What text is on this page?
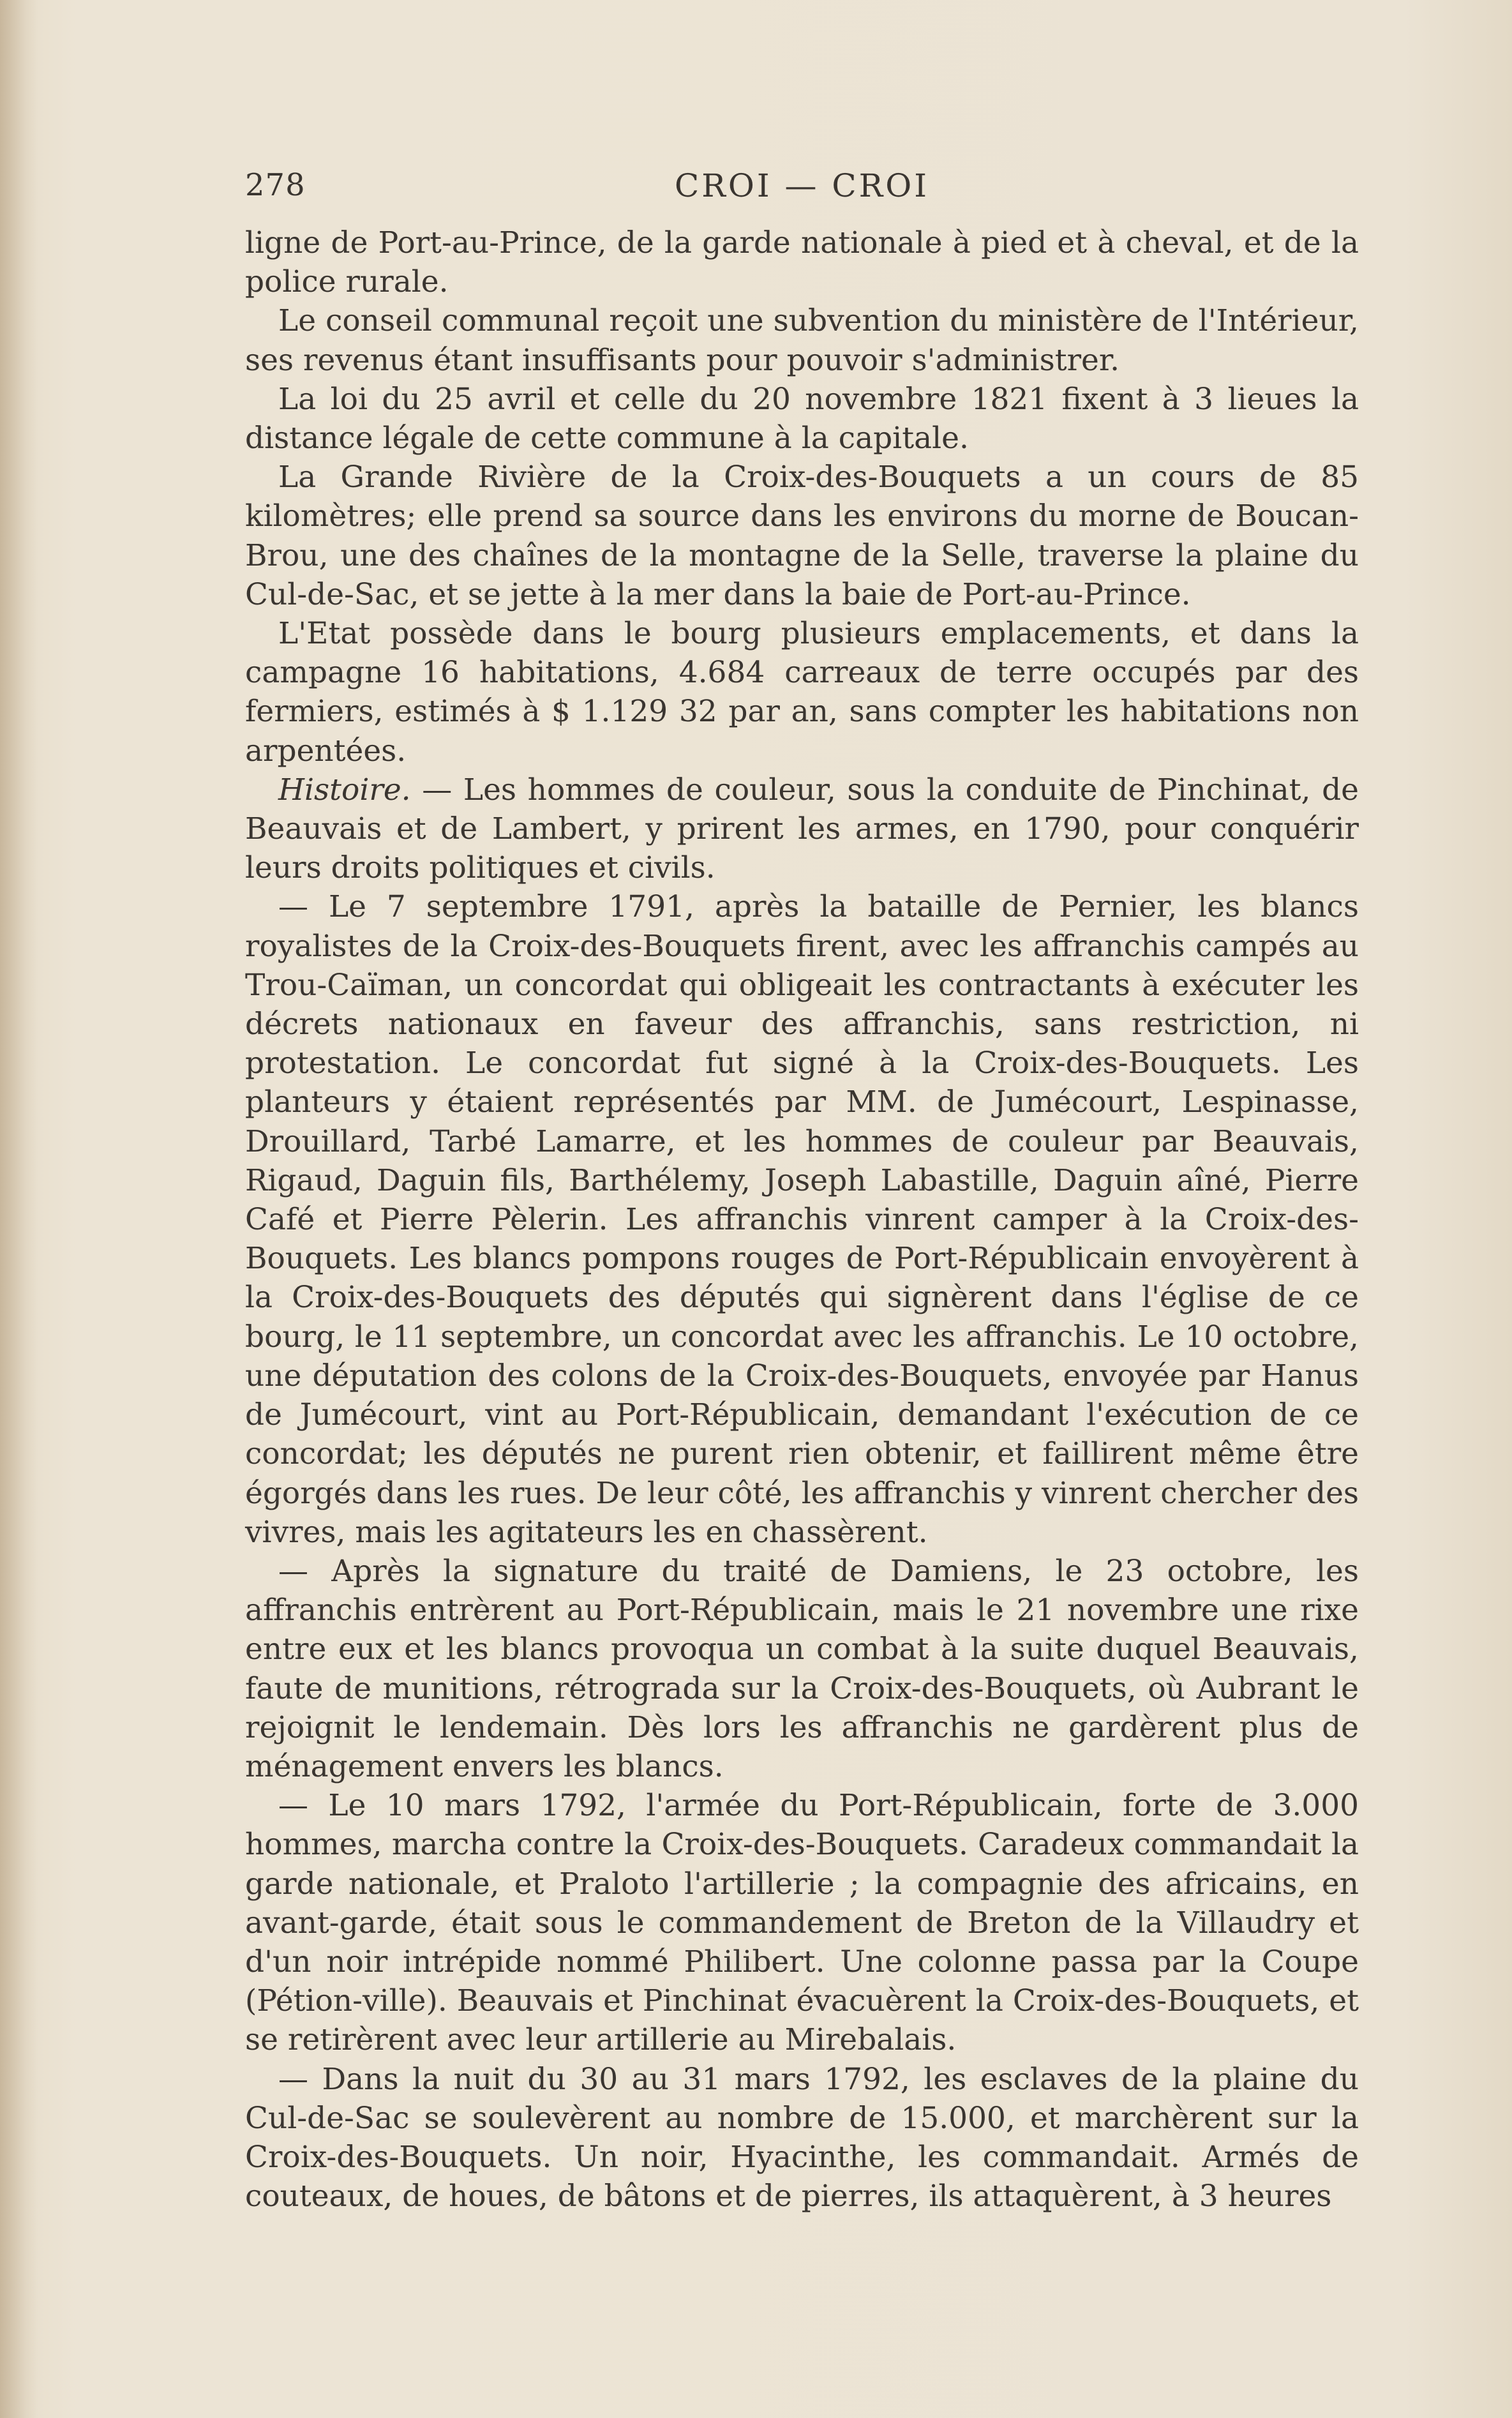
CROI — CROI
278

ligne de Port-au-Prince, de la garde nationale à pied et à cheval, et de la police rurale.

Le conseil communal reçoit une subvention du ministère de l'Intérieur, ses revenus étant insuffisants pour pouvoir s'administrer.

La loi du 25 avril et celle du 20 novembre 1821 fixent à 3 lieues la distance légale de cette commune à la capitale.

La Grande Rivière de la Croix-des-Bouquets a un cours de 85 kilomètres; elle prend sa source dans les environs du morne de Boucan-Brou, une des chaînes de la montagne de la Selle, traverse la plaine du Cul-de-Sac, et se jette à la mer dans la baie de Port-au-Prince.

L'Etat possède dans le bourg plusieurs emplacements, et dans la campagne 16 habitations, 4.684 carreaux de terre occupés par des fermiers, estimés à $ 1.129 32 par an, sans compter les habitations non arpentées.

Histoire. — Les hommes de couleur, sous la conduite de Pinchinat, de Beauvais et de Lambert, y prirent les armes, en 1790, pour conquérir leurs droits politiques et civils.

— Le 7 septembre 1791, après la bataille de Pernier, les blancs royalistes de la Croix-des-Bouquets firent, avec les affranchis campés au Trou-Caïman, un concordat qui obligeait les contractants à exécuter les décrets nationaux en faveur des affranchis, sans restriction, ni protestation. Le concordat fut signé à la Croix-des-Bouquets. Les planteurs y étaient représentés par MM. de Jumécourt, Lespinasse, Drouillard, Tarbé Lamarre, et les hommes de couleur par Beauvais, Rigaud, Daguin fils, Barthélemy, Joseph Labastille, Daguin aîné, Pierre Café et Pierre Pèlerin. Les affranchis vinrent camper à la Croix-des-Bouquets. Les blancs pompons rouges de Port-Républicain envoyèrent à la Croix-des-Bouquets des députés qui signèrent dans l'église de ce bourg, le 11 septembre, un concordat avec les affranchis. Le 10 octobre, une députation des colons de la Croix-des-Bouquets, envoyée par Hanus de Jumécourt, vint au Port-Républicain, demandant l'exécution de ce concordat; les députés ne purent rien obtenir, et faillirent même être égorgés dans les rues. De leur côté, les affranchis y vinrent chercher des vivres, mais les agitateurs les en chassèrent.

— Après la signature du traité de Damiens, le 23 octobre, les affranchis entrèrent au Port-Républicain, mais le 21 novembre une rixe entre eux et les blancs provoqua un combat à la suite duquel Beauvais, faute de munitions, rétrograda sur la Croix-des-Bouquets, où Aubrant le rejoignit le lendemain. Dès lors les affranchis ne gardèrent plus de ménagement envers les blancs.

— Le 10 mars 1792, l'armée du Port-Républicain, forte de 3.000 hommes, marcha contre la Croix-des-Bouquets. Caradeux commandait la garde nationale, et Praloto l'artillerie ; la compagnie des africains, en avant-garde, était sous le commandement de Breton de la Villaudry et d'un noir intrépide nommé Philibert. Une colonne passa par la Coupe (Pétion-ville). Beauvais et Pinchinat évacuèrent la Croix-des-Bouquets, et se retirèrent avec leur artillerie au Mirebalais.

— Dans la nuit du 30 au 31 mars 1792, les esclaves de la plaine du Cul-de-Sac se soulevèrent au nombre de 15.000, et marchèrent sur la Croix-des-Bouquets. Un noir, Hyacinthe, les commandait. Armés de couteaux, de houes, de bâtons et de pierres, ils attaquèrent, à 3 heures
